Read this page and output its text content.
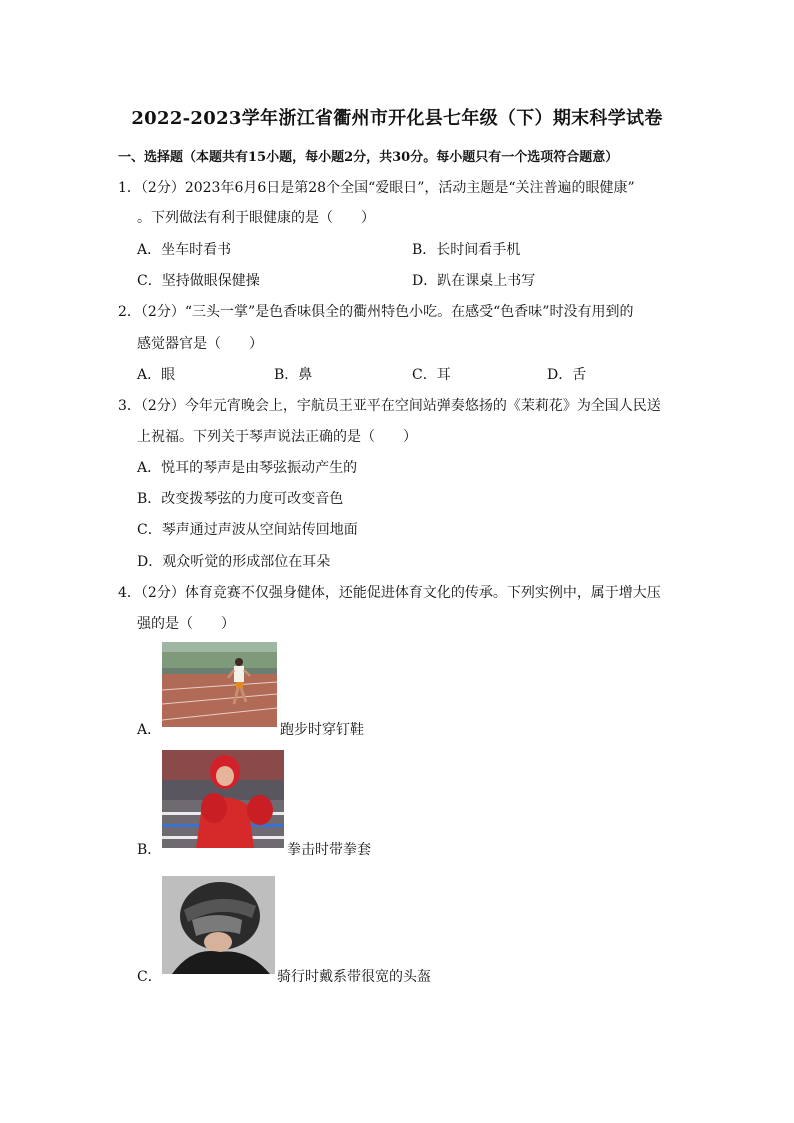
2022-2023学年浙江省衢州市开化县七年级（下）期末科学试卷
一、选择题（本题共有15小题，每小题2分，共30分。每小题只有一个选项符合题意）
1．（2分）2023年6月6日是第28个全国“爱眼日”，活动主题是“关注普遍的眼健康”
。下列做法有利于眼健康的是（　　）
A．坐车时看书	B．长时间看手机
C．坚持做眼保健操	D．趴在课桌上书写
2．（2分）“三头一掌”是色香味俱全的衢州特色小吃。在感受“色香味”时没有用到的
感觉器官是（　　）
A．眼	B．鼻	C．耳	D．舌
3．（2分）今年元宵晚会上，宇航员王亚平在空间站弹奏悠扬的《茉莉花》为全国人民送
上祝福。下列关于琴声说法正确的是（　　）
A．悦耳的琴声是由琴弦振动产生的
B．改变拨琴弦的力度可改变音色
C．琴声通过声波从空间站传回地面
D．观众听觉的形成部位在耳朵
4．（2分）体育竞赛不仅强身健体，还能促进体育文化的传承。下列实例中，属于增大压
强的是（　　）
A．	跑步时穿钉鞋
B．	拳击时带拳套
C．	骑行时戴系带很宽的头盔
